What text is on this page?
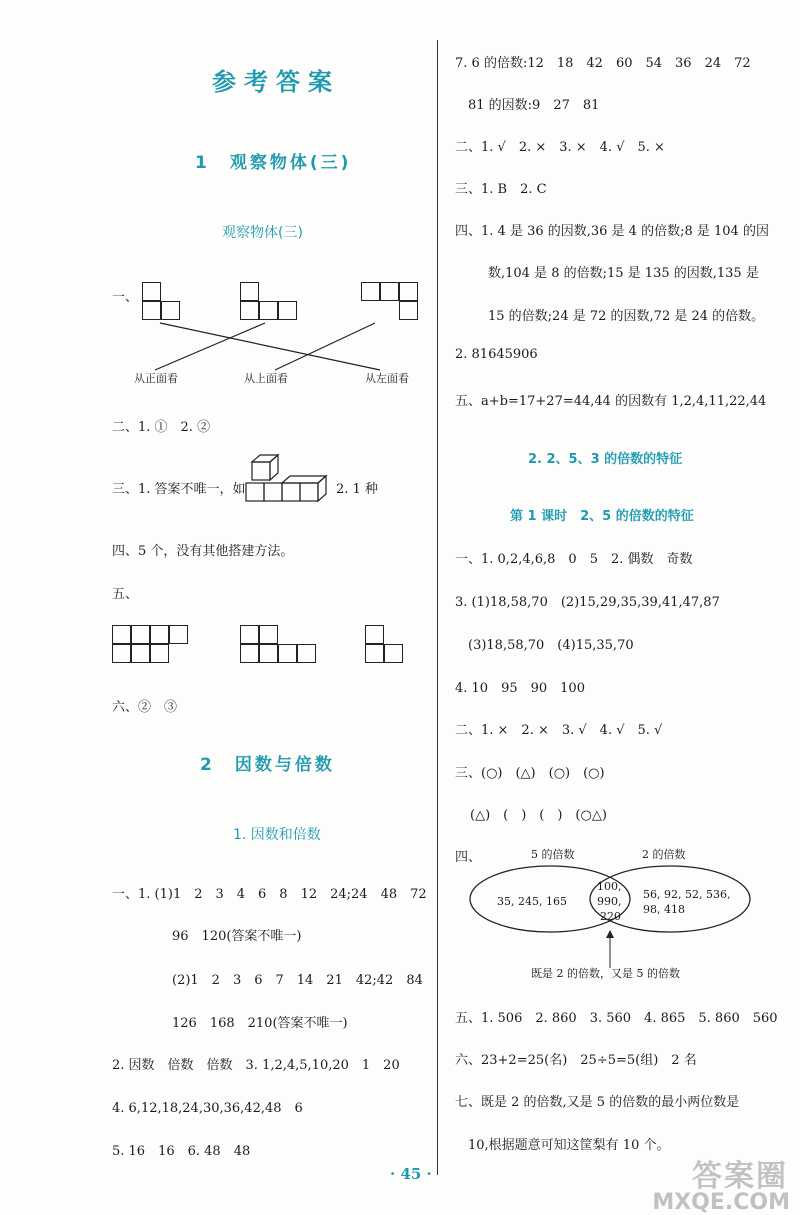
参考答案
1　观察物体(三)
观察物体(三)
一、
从正面看	从上面看	从左面看
二、1. ①　2. ②
三、1. 答案不唯一，如	2. 1 种
四、5 个，没有其他搭建方法。
五、
六、②　③
2　因数与倍数
1. 因数和倍数
一、1. (1)1　2　3　4　6　8　12　24;24　48　72
96　120(答案不唯一)
(2)1　2　3　6　7　14　21　42;42　84
126　168　210(答案不唯一)
2. 因数　倍数　倍数　3. 1,2,4,5,10,20　1　20
4. 6,12,18,24,30,36,42,48　6
5. 16　16　6. 48　48
7. 6 的倍数:12　18　42　60　54　36　24　72
81 的因数:9　27　81
二、1. √　2. ×　3. ×　4. √　5. ×
三、1. B　2. C
四、1. 4 是 36 的因数,36 是 4 的倍数;8 是 104 的因
数,104 是 8 的倍数;15 是 135 的因数,135 是
15 的倍数;24 是 72 的因数,72 是 24 的倍数。
2. 81645906
五、a+b=17+27=44,44 的因数有 1,2,4,11,22,44
2. 2、5、3 的倍数的特征
第 1 课时　2、5 的倍数的特征
一、1. 0,2,4,6,8　0　5　2. 偶数　奇数
3. (1)18,58,70　(2)15,29,35,39,41,47,87
(3)18,58,70　(4)15,35,70
4. 10　95　90　100
二、1. ×　2. ×　3. √　4. √　5. √
三、(○)　(△)　(○)　(○)
(△)　(　)　(　)　(○△)
四、	5 的倍数	2 的倍数
35, 245, 165
100,
990,
220
56, 92, 52, 536,
98, 418
既是 2 的倍数，又是 5 的倍数
五、1. 506　2. 860　3. 560　4. 865　5. 860　560
六、23+2=25(名)　25÷5=5(组)　2 名
七、既是 2 的倍数,又是 5 的倍数的最小两位数是
10,根据题意可知这筐梨有 10 个。
· 45 ·	答案圈
MXQE.COM
